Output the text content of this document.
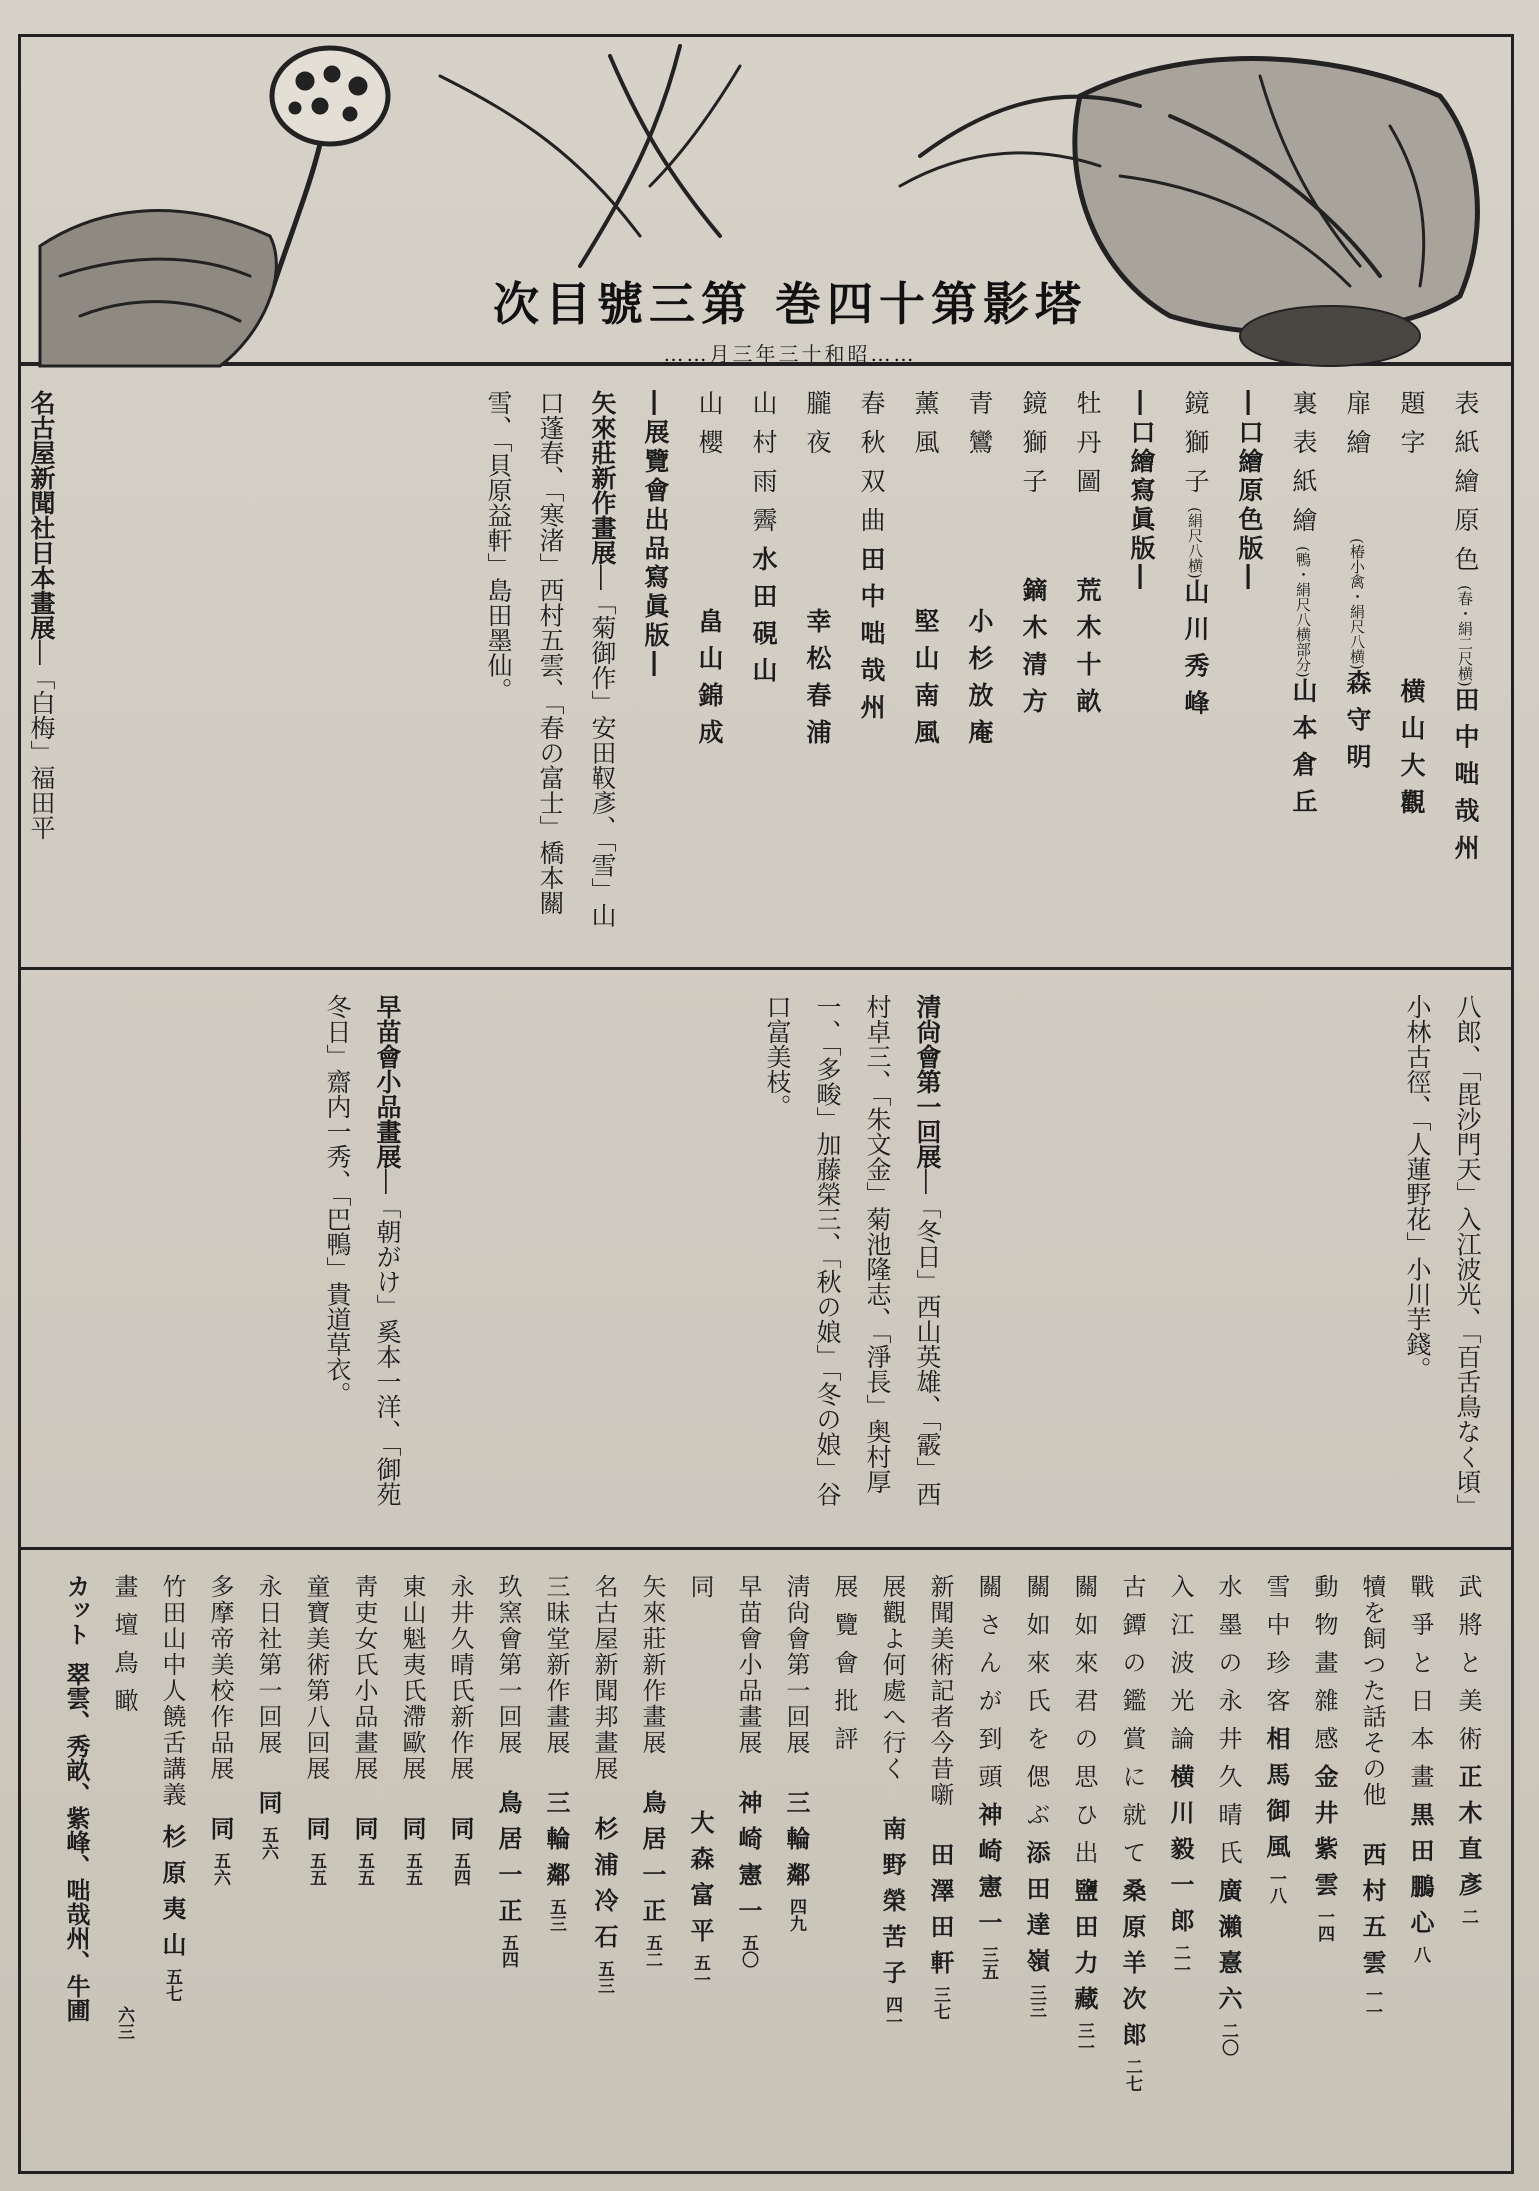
塔影第十四巻 第三號目次
……昭和十三年三月……
表紙繪原色(春・絹二尺横)田中咄哉州
題字横山大觀
扉繪(椿小禽・絹尺八横)森守明
裏表紙繪(鴨・絹尺八横部分)山本倉丘
―口繪原色版―
鏡獅子(絹尺八横)山川秀峰
―口繪寫眞版―
牡丹圖荒木十畝
鏡獅子鏑木清方
青鸞小杉放庵
薰風堅山南風
春秋双曲田中咄哉州
朧夜幸松春浦
山村雨霽水田硯山
山櫻畠山錦成
―展覽會出品寫眞版―
矢來莊新作畫展―「菊御作」安田靫彥、「雪」山口蓬春、「寒渚」西村五雲、「春の富士」橋本關雪、「貝原益軒」島田墨仙。
名古屋新聞社日本畫展―「白梅」福田平
八郎、「毘沙門天」入江波光、「百舌鳥なく頃」小林古徑、「人蓮野花」小川芋錢。
清尙會第一回展―「冬日」西山英雄、「霰」西村卓三、「朱文金」菊池隆志、「淨長」奥村厚一、「多畯」加藤榮三、「秋の娘」「冬の娘」谷口富美枝。
早苗會小品畫展―「朝がけ」奚本一洋、「御苑冬日」齋内一秀、「巴鴨」貴道草衣。
武將と美術正木直彥二
戰爭と日本畫黒田鵬心八
犢を飼つた話その他西村五雲一一
動物畫雜感金井紫雲一四
雪中珍客相馬御風一八
水墨の永井久晴氏廣瀨憙六二〇
入江波光論横川毅一郎二一
古鐔の鑑賞に就て桑原羊次郎二七
關如來君の思ひ出鹽田力藏三一
關如來氏を偲ぶ添田達嶺三三
關さんが到頭神崎憲一三五
新聞美術記者今昔噺田澤田軒三七
展觀よ何處へ行く南野榮苦子四一
展覽會批評
淸尙會第一回展三輪鄰四九
早苗會小品畫展神崎憲一五〇
同大森富平五一
矢來莊新作畫展鳥居一正五二
名古屋新聞邦畫展杉浦冷石五三
三昧堂新作畫展三輪鄰五三
玖窯會第一回展鳥居一正五四
永井久晴氏新作展同五四
東山魁夷氏滯歐展同五五
靑吏女氏小品畫展同五五
童寶美術第八回展同五五
永日社第一回展同五六
多摩帝美校作品展同五六
竹田山中人饒舌講義杉原夷山五七
畫壇鳥瞰六三
カット翠雲、秀畝、紫峰、咄哉州、牛圃
